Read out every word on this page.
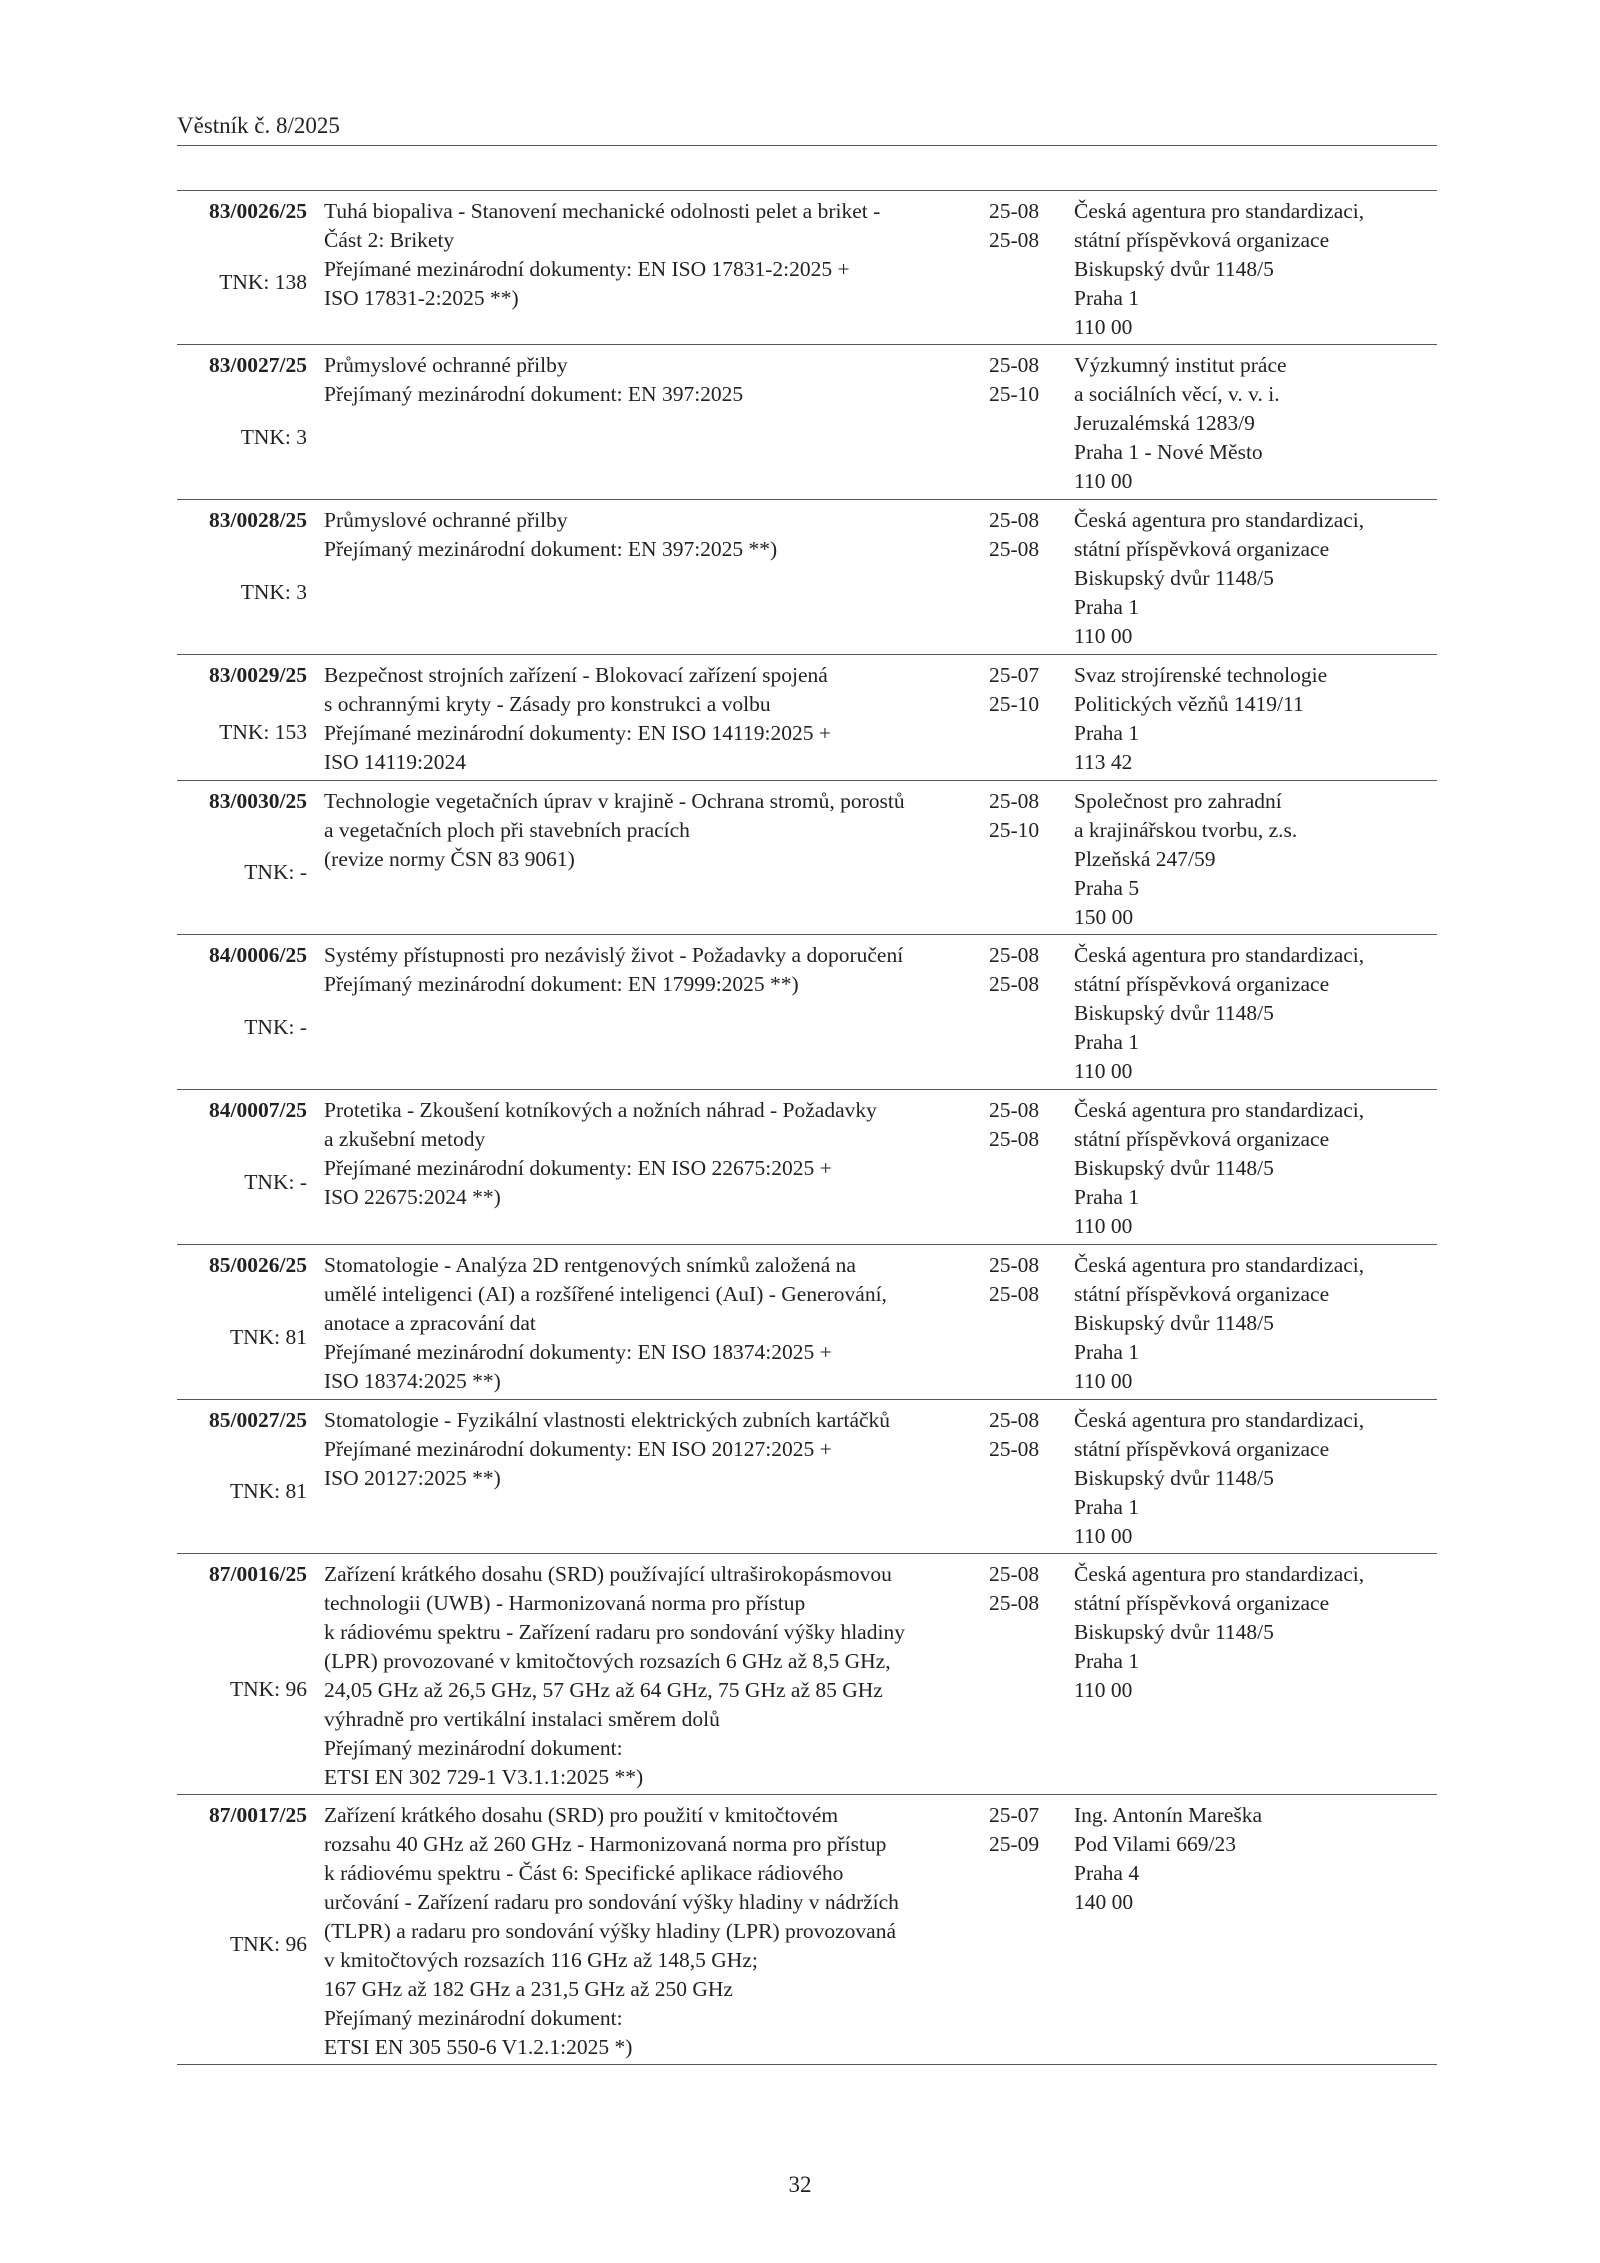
Věstník č. 8/2025
83/0026/25
TNK: 138
Tuhá biopaliva - Stanovení mechanické odolnosti pelet a briket -
Část 2: Brikety
Přejímané mezinárodní dokumenty: EN ISO 17831-2:2025 +
ISO 17831-2:2025 **)
25-08
25-08
Česká agentura pro standardizaci,
státní příspěvková organizace
Biskupský dvůr 1148/5
Praha 1
110 00
83/0027/25
TNK: 3
Průmyslové ochranné přilby
Přejímaný mezinárodní dokument: EN 397:2025
25-08
25-10
Výzkumný institut práce
a sociálních věcí, v. v. i.
Jeruzalémská 1283/9
Praha 1 - Nové Město
110 00
83/0028/25
TNK: 3
Průmyslové ochranné přilby
Přejímaný mezinárodní dokument: EN 397:2025 **)
25-08
25-08
Česká agentura pro standardizaci,
státní příspěvková organizace
Biskupský dvůr 1148/5
Praha 1
110 00
83/0029/25
TNK: 153
Bezpečnost strojních zařízení - Blokovací zařízení spojená
s ochrannými kryty - Zásady pro konstrukci a volbu
Přejímané mezinárodní dokumenty: EN ISO 14119:2025 +
ISO 14119:2024
25-07
25-10
Svaz strojírenské technologie
Politických vězňů 1419/11
Praha 1
113 42
83/0030/25
TNK: -
Technologie vegetačních úprav v krajině - Ochrana stromů, porostů
a vegetačních ploch při stavebních pracích
(revize normy ČSN 83 9061)
25-08
25-10
Společnost pro zahradní
a krajinářskou tvorbu, z.s.
Plzeňská 247/59
Praha 5
150 00
84/0006/25
TNK: -
Systémy přístupnosti pro nezávislý život - Požadavky a doporučení
Přejímaný mezinárodní dokument: EN 17999:2025 **)
25-08
25-08
Česká agentura pro standardizaci,
státní příspěvková organizace
Biskupský dvůr 1148/5
Praha 1
110 00
84/0007/25
TNK: -
Protetika - Zkoušení kotníkových a nožních náhrad - Požadavky
a zkušební metody
Přejímané mezinárodní dokumenty: EN ISO 22675:2025 +
ISO 22675:2024 **)
25-08
25-08
Česká agentura pro standardizaci,
státní příspěvková organizace
Biskupský dvůr 1148/5
Praha 1
110 00
85/0026/25
TNK: 81
Stomatologie - Analýza 2D rentgenových snímků založená na
umělé inteligenci (AI) a rozšířené inteligenci (AuI) - Generování,
anotace a zpracování dat
Přejímané mezinárodní dokumenty: EN ISO 18374:2025 +
ISO 18374:2025 **)
25-08
25-08
Česká agentura pro standardizaci,
státní příspěvková organizace
Biskupský dvůr 1148/5
Praha 1
110 00
85/0027/25
TNK: 81
Stomatologie - Fyzikální vlastnosti elektrických zubních kartáčků
Přejímané mezinárodní dokumenty: EN ISO 20127:2025 +
ISO 20127:2025 **)
25-08
25-08
Česká agentura pro standardizaci,
státní příspěvková organizace
Biskupský dvůr 1148/5
Praha 1
110 00
87/0016/25
TNK: 96
Zařízení krátkého dosahu (SRD) používající ultraširokopásmovou
technologii (UWB) - Harmonizovaná norma pro přístup
k rádiovému spektru - Zařízení radaru pro sondování výšky hladiny
(LPR) provozované v kmitočtových rozsazích 6 GHz až 8,5 GHz,
24,05 GHz až 26,5 GHz, 57 GHz až 64 GHz, 75 GHz až 85 GHz
výhradně pro vertikální instalaci směrem dolů
Přejímaný mezinárodní dokument:
ETSI EN 302 729-1 V3.1.1:2025 **)
25-08
25-08
Česká agentura pro standardizaci,
státní příspěvková organizace
Biskupský dvůr 1148/5
Praha 1
110 00
87/0017/25
TNK: 96
Zařízení krátkého dosahu (SRD) pro použití v kmitočtovém
rozsahu 40 GHz až 260 GHz - Harmonizovaná norma pro přístup
k rádiovému spektru - Část 6: Specifické aplikace rádiového
určování - Zařízení radaru pro sondování výšky hladiny v nádržích
(TLPR) a radaru pro sondování výšky hladiny (LPR) provozovaná
v kmitočtových rozsazích 116 GHz až 148,5 GHz;
167 GHz až 182 GHz a 231,5 GHz až 250 GHz
Přejímaný mezinárodní dokument:
ETSI EN 305 550-6 V1.2.1:2025 *)
25-07
25-09
Ing. Antonín Mareška
Pod Vilami 669/23
Praha 4
140 00
32
